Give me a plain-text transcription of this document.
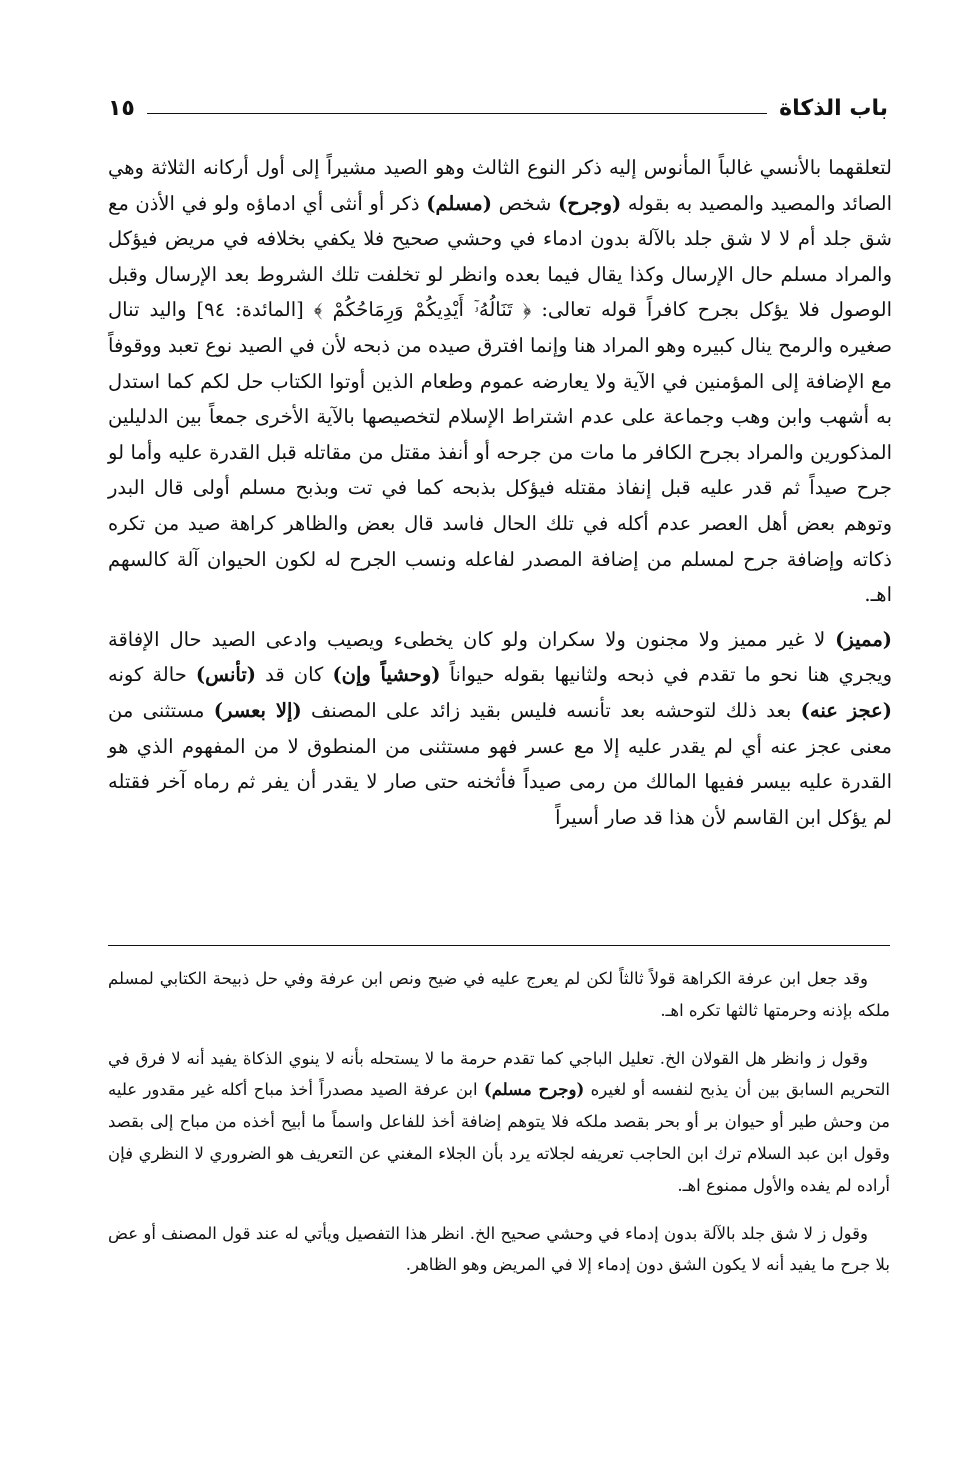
باب الذكاة
١٥

لتعلقهما بالأنسي غالباً المأنوس إليه ذكر النوع الثالث وهو الصيد مشيراً إلى أول أركانه الثلاثة وهي الصائد والمصيد والمصيد به بقوله (وجرح) شخص (مسلم) ذكر أو أنثى أي ادماؤه ولو في الأذن مع شق جلد أم لا لا شق جلد بالآلة بدون ادماء في وحشي صحيح فلا يكفي بخلافه في مريض فيؤكل والمراد مسلم حال الإرسال وكذا يقال فيما بعده وانظر لو تخلفت تلك الشروط بعد الإرسال وقبل الوصول فلا يؤكل بجرح كافراً قوله تعالى: ﴿ تَنَالُهُۥٓ أَيْدِيكُمْ وَرِمَاحُكُمْ ﴾ [المائدة: ٩٤] واليد تنال صغيره والرمح ينال كبيره وهو المراد هنا وإنما افترق صيده من ذبحه لأن في الصيد نوع تعبد ووقوفاً مع الإضافة إلى المؤمنين في الآية ولا يعارضه عموم وطعام الذين أوتوا الكتاب حل لكم كما استدل به أشهب وابن وهب وجماعة على عدم اشتراط الإسلام لتخصيصها بالآية الأخرى جمعاً بين الدليلين المذكورين والمراد بجرح الكافر ما مات من جرحه أو أنفذ مقتل من مقاتله قبل القدرة عليه وأما لو جرح صيداً ثم قدر عليه قبل إنفاذ مقتله فيؤكل بذبحه كما في تت وبذبح مسلم أولى قال البدر وتوهم بعض أهل العصر عدم أكله في تلك الحال فاسد قال بعض والظاهر كراهة صيد من تكره ذكاته وإضافة جرح لمسلم من إضافة المصدر لفاعله ونسب الجرح له لكون الحيوان آلة كالسهم اهـ.

(مميز) لا غير مميز ولا مجنون ولا سكران ولو كان يخطىء ويصيب وادعى الصيد حال الإفاقة ويجري هنا نحو ما تقدم في ذبحه ولثانيها بقوله حيواناً (وحشياً وإن) كان قد (تأنس) حالة كونه (عجز عنه) بعد ذلك لتوحشه بعد تأنسه فليس بقيد زائد على المصنف (إلا بعسر) مستثنى من معنى عجز عنه أي لم يقدر عليه إلا مع عسر فهو مستثنى من المنطوق لا من المفهوم الذي هو القدرة عليه بيسر ففيها المالك من رمى صيداً فأثخنه حتى صار لا يقدر أن يفر ثم رماه آخر فقتله لم يؤكل ابن القاسم لأن هذا قد صار أسيراً

وقد جعل ابن عرفة الكراهة قولاً ثالثاً لكن لم يعرج عليه في ضيح ونص ابن عرفة وفي حل ذبيحة الكتابي لمسلم ملكه بإذنه وحرمتها ثالثها تكره اهـ.

وقول ز وانظر هل القولان الخ. تعليل الباجي كما تقدم حرمة ما لا يستحله بأنه لا ينوي الذكاة يفيد أنه لا فرق في التحريم السابق بين أن يذبح لنفسه أو لغيره (وجرح مسلم) ابن عرفة الصيد مصدراً أخذ مباح أكله غير مقدور عليه من وحش طير أو حيوان بر أو بحر بقصد ملكه فلا يتوهم إضافة أخذ للفاعل واسماً ما أبيح أخذه من مباح إلى بقصد وقول ابن عبد السلام ترك ابن الحاجب تعريفه لجلاته يرد بأن الجلاء المغني عن التعريف هو الضروري لا النظري فإن أراده لم يفده والأول ممنوع اهـ.

وقول ز لا شق جلد بالآلة بدون إدماء في وحشي صحيح الخ. انظر هذا التفصيل ويأتي له عند قول المصنف أو عض بلا جرح ما يفيد أنه لا يكون الشق دون إدماء إلا في المريض وهو الظاهر.
